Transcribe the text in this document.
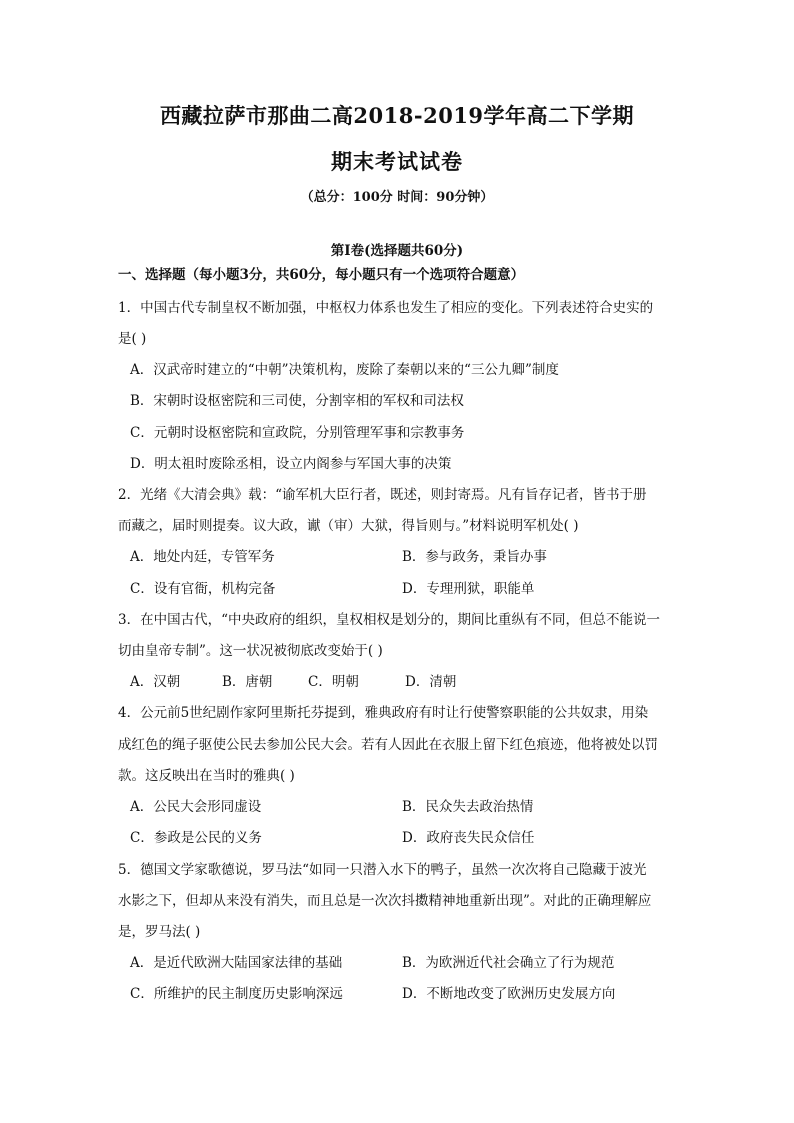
西藏拉萨市那曲二高2018-2019学年高二下学期
期末考试试卷
（总分：100分 时间：90分钟）
第Ⅰ卷(选择题共60分)
一、选择题（每小题3分，共60分，每小题只有一个选项符合题意）
1．中国古代专制皇权不断加强，中枢权力体系也发生了相应的变化。下列表述符合史实的
是( )
A．汉武帝时建立的“中朝”决策机构，废除了秦朝以来的“三公九卿”制度
B．宋朝时设枢密院和三司使，分割宰相的军权和司法权
C．元朝时设枢密院和宣政院，分别管理军事和宗教事务
D．明太祖时废除丞相，设立内阁参与军国大事的决策
2．光绪《大清会典》载：“谕军机大臣行者，既述，则封寄焉。凡有旨存记者，皆书于册
而藏之，届时则提奏。议大政，谳（审）大狱，得旨则与。”材料说明军机处( )
A．地处内廷，专管军务	B．参与政务，秉旨办事
C．设有官衙，机构完备	D．专理刑狱，职能单
3．在中国古代，“中央政府的组织，皇权相权是划分的，期间比重纵有不同，但总不能说一
切由皇帝专制”。这一状况被彻底改变始于( )
A．汉朝	B．唐朝	C．明朝	D．清朝
4．公元前5世纪剧作家阿里斯托芬提到，雅典政府有时让行使警察职能的公共奴隶，用染
成红色的绳子驱使公民去参加公民大会。若有人因此在衣服上留下红色痕迹，他将被处以罚
款。这反映出在当时的雅典( )
A．公民大会形同虚设	B．民众失去政治热情
C．参政是公民的义务	D．政府丧失民众信任
5．德国文学家歌德说，罗马法“如同一只潜入水下的鸭子，虽然一次次将自己隐藏于波光
水影之下，但却从来没有消失，而且总是一次次抖擞精神地重新出现”。对此的正确理解应
是，罗马法( )
A．是近代欧洲大陆国家法律的基础	B．为欧洲近代社会确立了行为规范
C．所维护的民主制度历史影响深远	D．不断地改变了欧洲历史发展方向
